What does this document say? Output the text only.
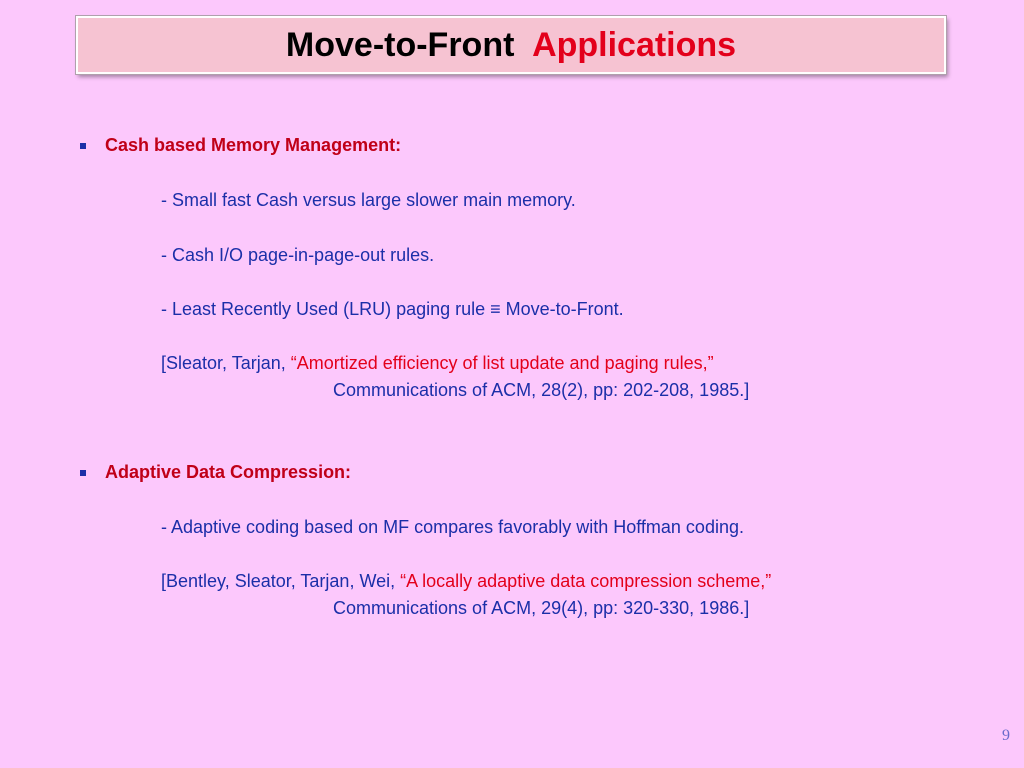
Move-to-Front Applications
Cash based Memory Management:
- Small fast Cash versus large slower main memory.
- Cash I/O page-in-page-out rules.
- Least Recently Used (LRU) paging rule ≡ Move-to-Front.
[Sleator, Tarjan, “Amortized efficiency of list update and paging rules,”
Communications of ACM, 28(2), pp: 202-208, 1985.]
Adaptive Data Compression:
- Adaptive coding based on MF compares favorably with Hoffman coding.
[Bentley, Sleator, Tarjan, Wei, “A locally adaptive data compression scheme,”
Communications of ACM, 29(4), pp: 320-330, 1986.]
9
